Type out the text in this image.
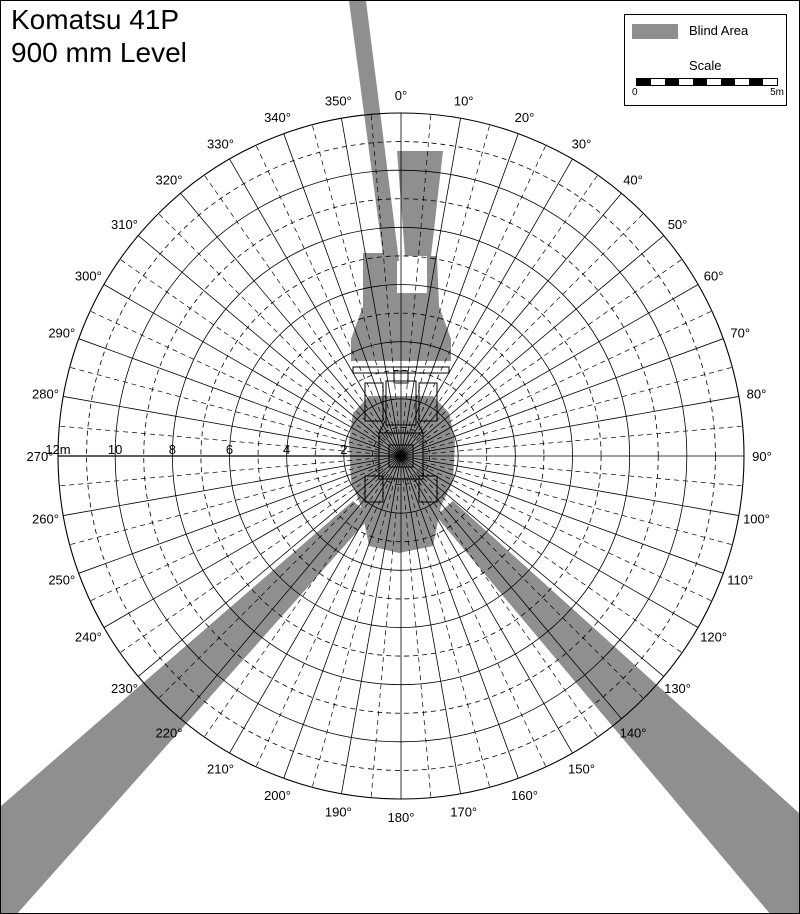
0°	10°
20°
30°
40°
50°
60°
70°
80°
90°
100°
110°
120°
130°
140°
150°
160°
170°
180°
190°
200°
210°
220°
230°
240°
250°
260°
270°
280°
290°
300°
310°
320°
330°
340°
350°
2
4
6
8
10
12m
Komatsu 41P
900 mm Level
Blind Area
Scale
0	5m
